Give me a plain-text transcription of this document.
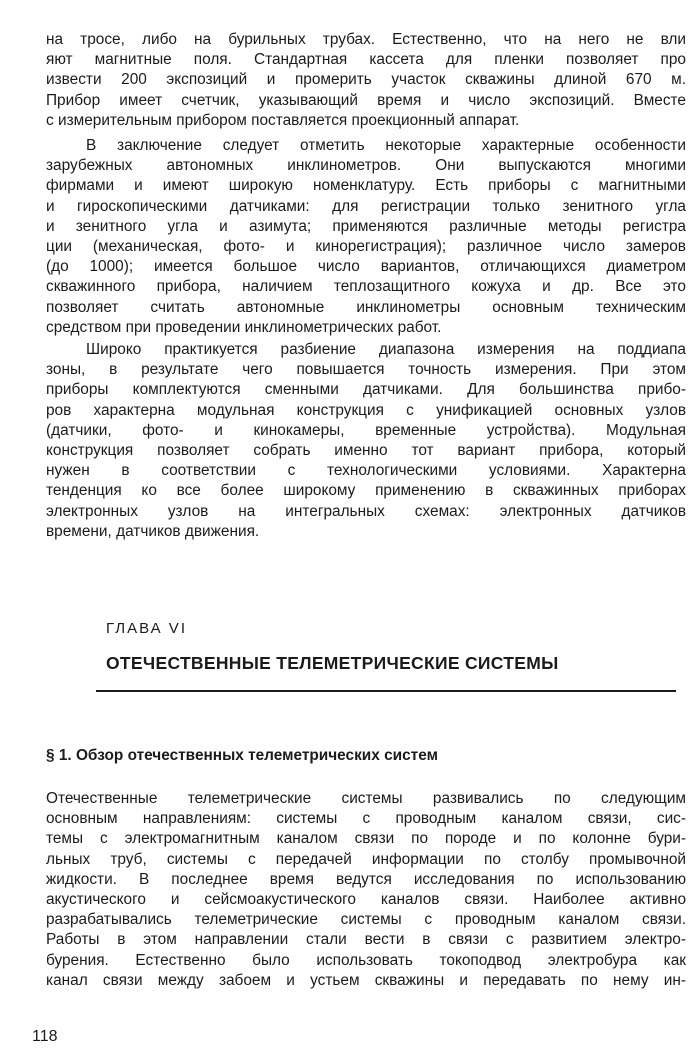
на тросе, либо на бурильных трубах. Естественно, что на него не вли
яют магнитные поля. Стандартная кассета для пленки позволяет про
извести 200 экспозиций и промерить участок скважины длиной 670 м.
Прибор имеет счетчик, указывающий время и число экспозиций. Вместе
с измерительным прибором поставляется проекционный аппарат.
В заключение следует отметить некоторые характерные особенности
зарубежных автономных инклинометров. Они выпускаются многими
фирмами и имеют широкую номенклатуру. Есть приборы с магнитными
и гироскопическими датчиками: для регистрации только зенитного угла
и зенитного угла и азимута; применяются различные методы регистра
ции (механическая, фото- и кинорегистрация); различное число замеров
(до 1000); имеется большое число вариантов, отличающихся диаметром
скважинного прибора, наличием теплозащитного кожуха и др. Все это
позволяет считать автономные инклинометры основным техническим
средством при проведении инклинометрических работ.
Широко практикуется разбиение диапазона измерения на поддиапа
зоны, в результате чего повышается точность измерения. При этом
приборы комплектуются сменными датчиками. Для большинства прибо-
ров характерна модульная конструкция с унификацией основных узлов
(датчики, фото- и кинокамеры, временные устройства). Модульная
конструкция позволяет собрать именно тот вариант прибора, который
нужен в соответствии с технологическими условиями. Характерна
тенденция ко все более широкому применению в скважинных приборах
электронных узлов на интегральных схемах: электронных датчиков
времени, датчиков движения.
ГЛАВА VI
ОТЕЧЕСТВЕННЫЕ ТЕЛЕМЕТРИЧЕСКИЕ СИСТЕМЫ
§ 1. Обзор отечественных телеметрических систем
Отечественные телеметрические системы развивались по следующим
основным направлениям: системы с проводным каналом связи, сис-
темы с электромагнитным каналом связи по породе и по колонне бури-
льных труб, системы с передачей информации по столбу промывочной
жидкости. В последнее время ведутся исследования по использованию
акустического и сейсмоакустического каналов связи. Наиболее активно
разрабатывались телеметрические системы с проводным каналом связи.
Работы в этом направлении стали вести в связи с развитием электро-
бурения. Естественно было использовать токоподвод электробура как
канал связи между забоем и устьем скважины и передавать по нему ин-
118
